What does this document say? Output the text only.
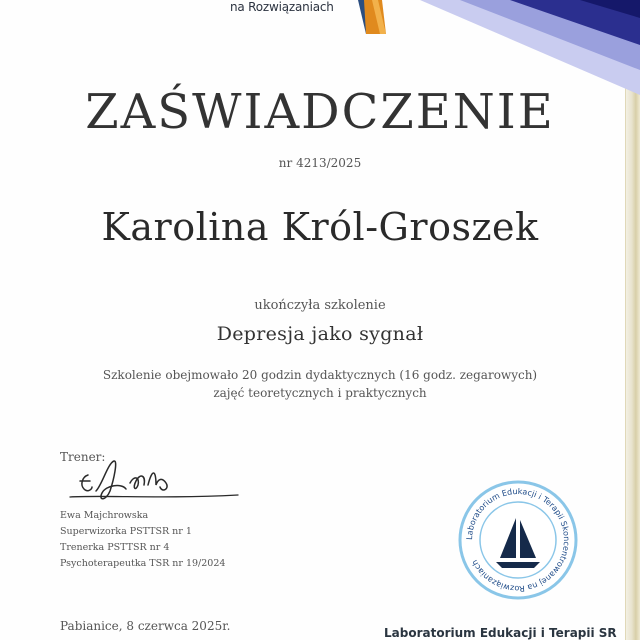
na Rozwiązaniach
ZAŚWIADCZENIE
nr 4213/2025
Karolina Król-Groszek
ukończyła szkolenie
Depresja jako sygnał
Szkolenie obejmowało 20 godzin dydaktycznych (16 godz. zegarowych)
zajęć teoretycznych i praktycznych
Trener:
Ewa Majchrowska
Superwizorka PSTTSR nr 1
Trenerka PSTTSR nr 4
Psychoterapeutka TSR nr 19/2024
Laboratorium Edukacji i Terapii Skoncentrowanej na Rozwiązaniach
Pabianice, 8 czerwca 2025r.	Laboratorium Edukacji i Terapii SR
